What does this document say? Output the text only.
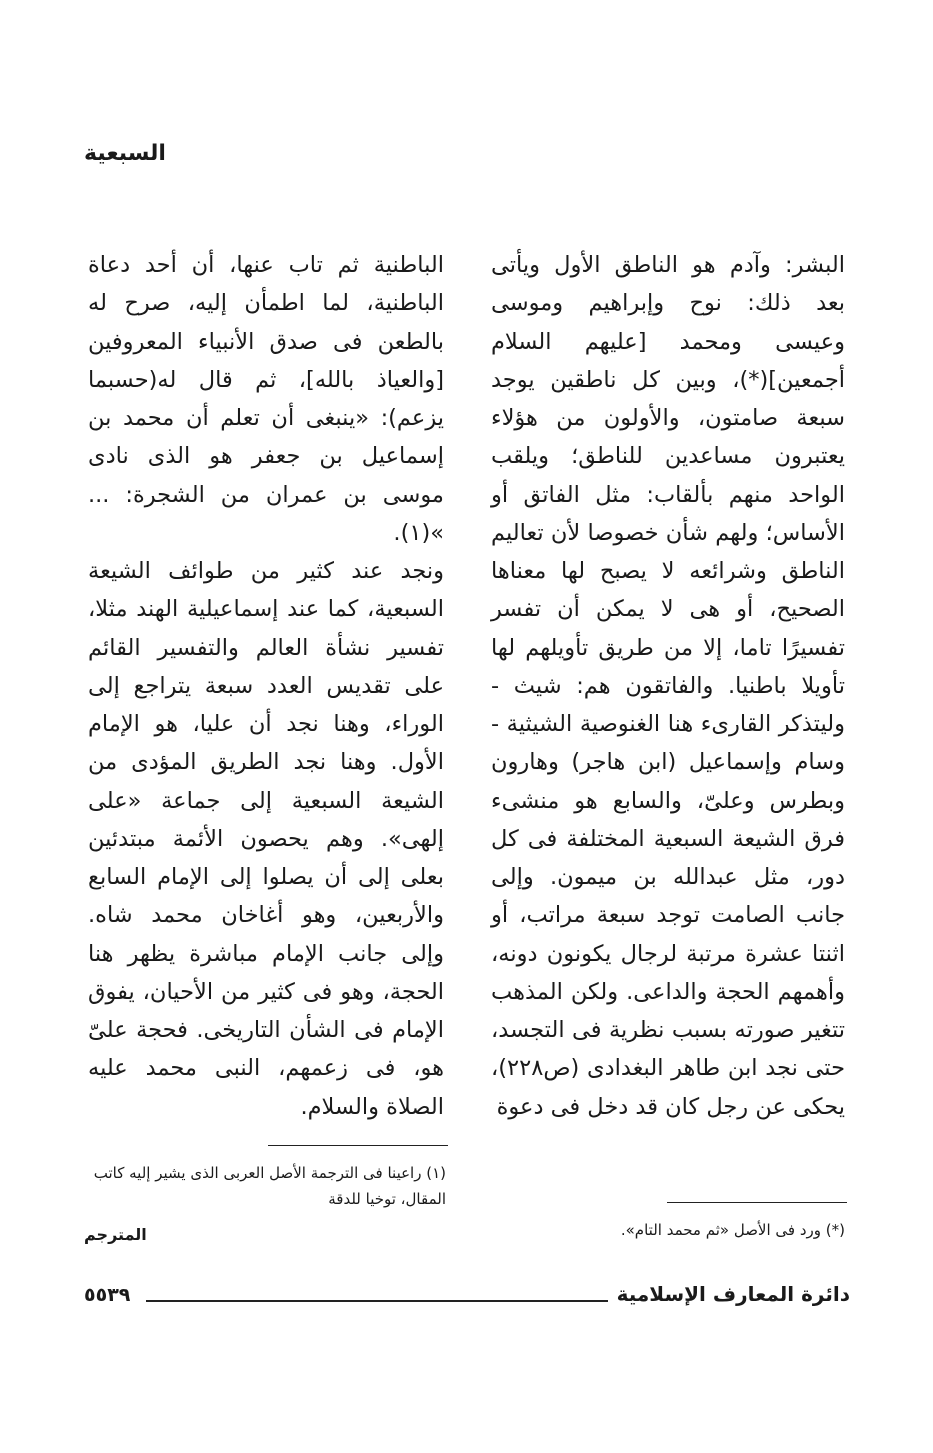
السبعية

البشر: وآدم هو الناطق الأول ويأتى بعد ذلك: نوح وإبراهيم وموسى وعيسى ومحمد [عليهم السلام أجمعين](*)، وبين كل ناطقين يوجد سبعة صامتون، والأولون من هؤلاء يعتبرون مساعدين للناطق؛ ويلقب الواحد منهم بألقاب: مثل الفاتق أو الأساس؛ ولهم شأن خصوصا لأن تعاليم الناطق وشرائعه لا يصبح لها معناها الصحيح، أو هى لا يمكن أن تفسر تفسيرًا تاما، إلا من طريق تأويلهم لها تأويلا باطنيا. والفاتقون هم: شيث - وليتذكر القارىء هنا الغنوصية الشيثية - وسام وإسماعيل (ابن هاجر) وهارون وبطرس وعلىّ، والسابع هو منشىء فرق الشيعة السبعية المختلفة فى كل دور، مثل عبدالله بن ميمون. وإلى جانب الصامت توجد سبعة مراتب، أو اثنتا عشرة مرتبة لرجال يكونون دونه، وأهمهم الحجة والداعى. ولكن المذهب تتغير صورته بسبب نظرية فى التجسد، حتى نجد ابن طاهر البغدادى (ص٢٢٨)، يحكى عن رجل كان قد دخل فى دعوة

الباطنية ثم تاب عنها، أن أحد دعاة الباطنية، لما اطمأن إليه، صرح له بالطعن فى صدق الأنبياء المعروفين [والعياذ بالله]، ثم قال له(حسبما يزعم): «ينبغى أن تعلم أن محمد بن إسماعيل بن جعفر هو الذى نادى موسى بن عمران من الشجرة: ... »(١).

ونجد عند كثير من طوائف الشيعة السبعية، كما عند إسماعيلية الهند مثلا، تفسير نشأة العالم والتفسير القائم على تقديس العدد سبعة يتراجع إلى الوراء، وهنا نجد أن عليا، هو الإمام الأول. وهنا نجد الطريق المؤدى من الشيعة السبعية إلى جماعة «على إلهى». وهم يحصون الأئمة مبتدئين بعلى إلى أن يصلوا إلى الإمام السابع والأربعين، وهو أغاخان محمد شاه. وإلى جانب الإمام مباشرة يظهر هنا الحجة، وهو فى كثير من الأحيان، يفوق الإمام فى الشأن التاريخى. فحجة علىّ هو، فى زعمهم، النبى محمد عليه الصلاة والسلام.

(١) راعينا فى الترجمة الأصل العربى الذى يشير إليه كاتب المقال، توخيا للدقة
(*) ورد فى الأصل «ثم محمد التام».
المترجم
٥٥٣٩	دائرة المعارف الإسلامية
